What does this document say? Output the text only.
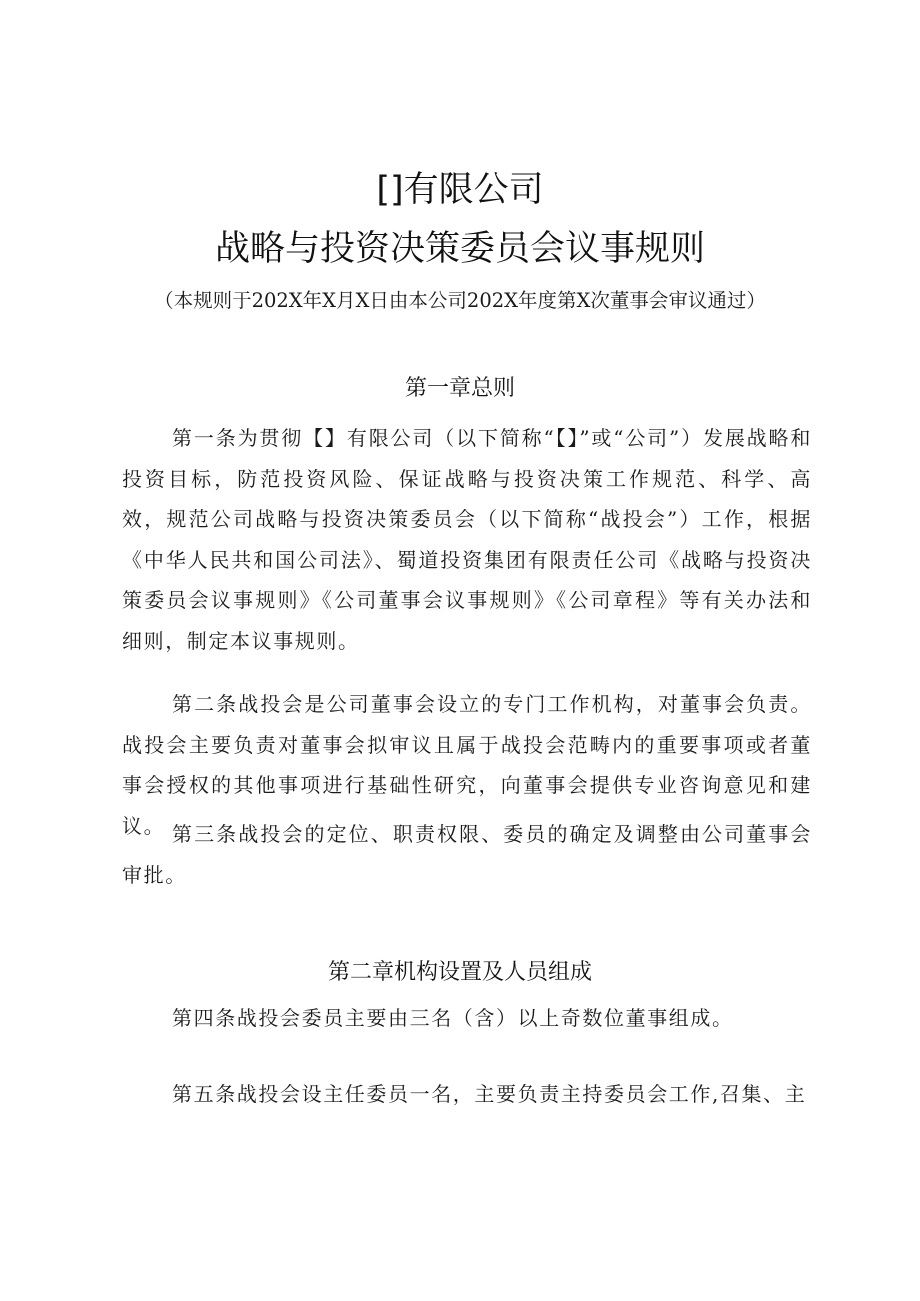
[]有限公司
战略与投资决策委员会议事规则
（本规则于202X年X月X日由本公司202X年度第X次董事会审议通过）
第一章总则

第一条为贯彻【】有限公司（以下简称“【】”或“公司”）发展战略和投资目标，防范投资风险、保证战略与投资决策工作规范、科学、高效，规范公司战略与投资决策委员会（以下简称“战投会”）工作，根据《中华人民共和国公司法》、蜀道投资集团有限责任公司《战略与投资决策委员会议事规则》《公司董事会议事规则》《公司章程》等有关办法和细则，制定本议事规则。

第二条战投会是公司董事会设立的专门工作机构，对董事会负责。战投会主要负责对董事会拟审议且属于战投会范畴内的重要事项或者董事会授权的其他事项进行基础性研究，向董事会提供专业咨询意见和建议。 第三条战投会的定位、职责权限、委员的确定及调整由公司董事会审批。

第二章机构设置及人员组成

第四条战投会委员主要由三名（含）以上奇数位董事组成。

第五条战投会设主任委员一名，主要负责主持委员会工作,召集、主
